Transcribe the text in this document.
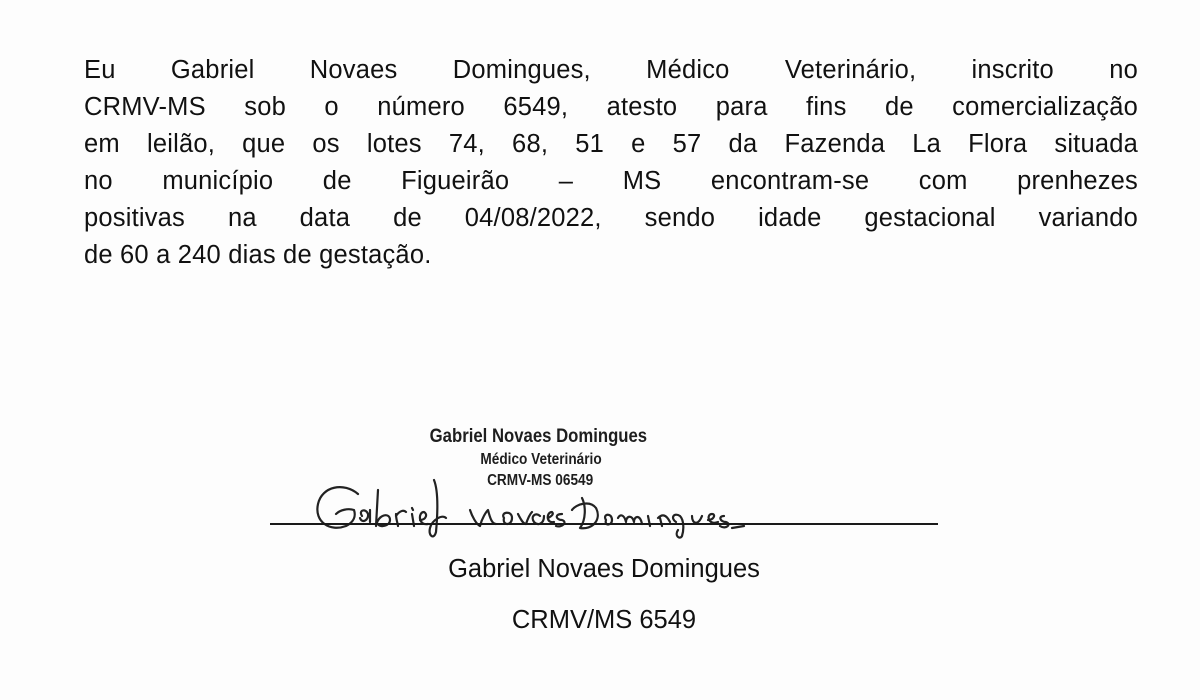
Eu Gabriel Novaes Domingues, Médico Veterinário, inscrito no
CRMV-MS sob o número 6549, atesto para fins de comercialização
em leilão, que os lotes 74, 68, 51 e 57 da Fazenda La Flora situada
no município de Figueirão – MS encontram-se com prenhezes
positivas na data de 04/08/2022, sendo idade gestacional variando
de 60 a 240 dias de gestação.
Gabriel Novaes Domingues
Médico Veterinário
CRMV-MS 06549
Gabriel Novaes Domingues
CRMV/MS 6549
